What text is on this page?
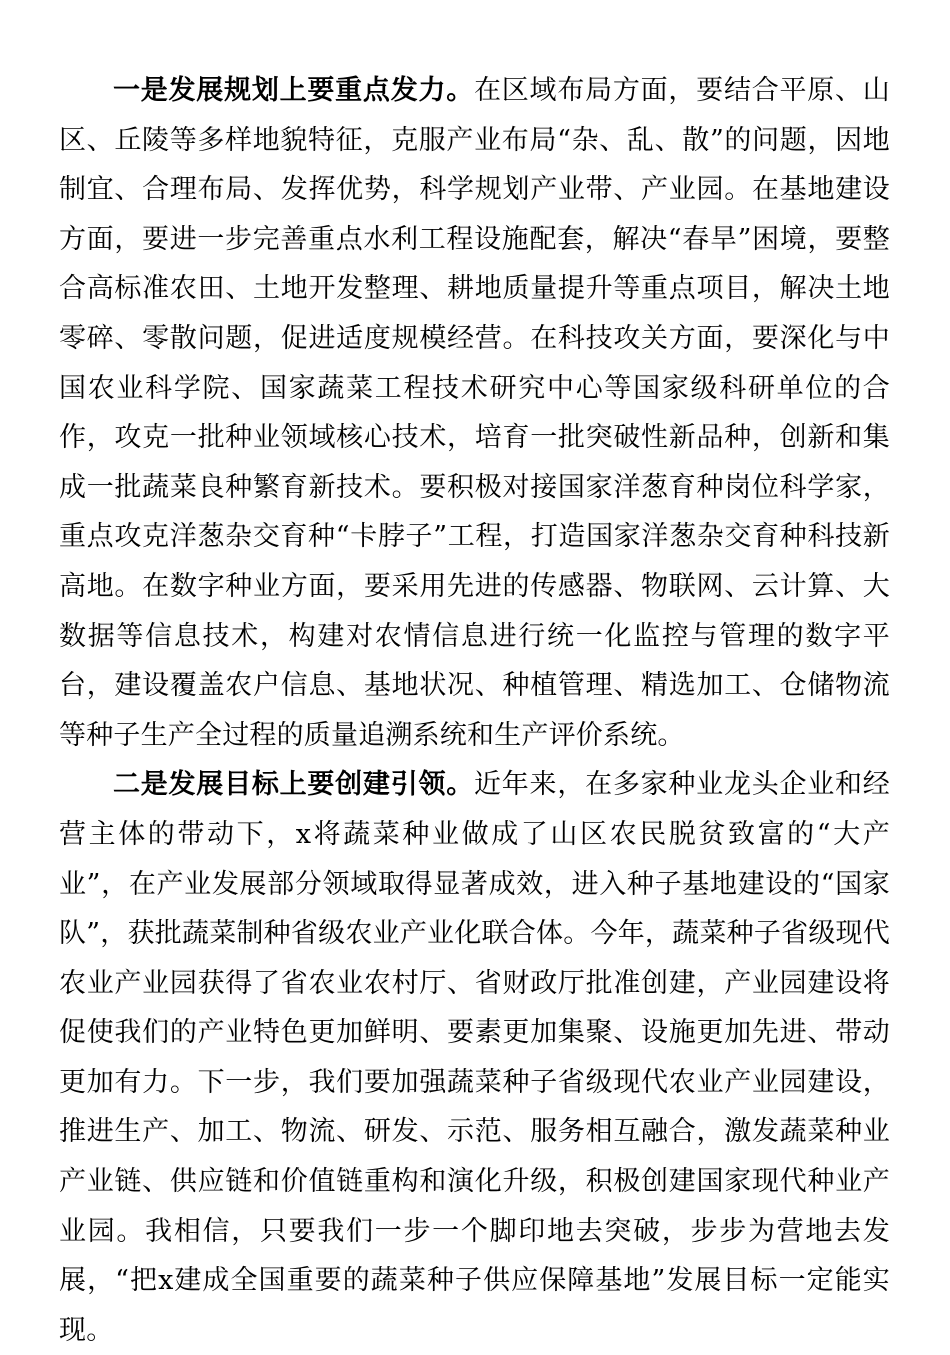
一是发展规划上要重点发力。在区域布局方面，要结合平原、山区、丘陵等多样地貌特征，克服产业布局“杂、乱、散”的问题，因地制宜、合理布局、发挥优势，科学规划产业带、产业园。在基地建设方面，要进一步完善重点水利工程设施配套，解决“春旱”困境，要整合高标准农田、土地开发整理、耕地质量提升等重点项目，解决土地零碎、零散问题，促进适度规模经营。在科技攻关方面，要深化与中国农业科学院、国家蔬菜工程技术研究中心等国家级科研单位的合作，攻克一批种业领域核心技术，培育一批突破性新品种，创新和集成一批蔬菜良种繁育新技术。要积极对接国家洋葱育种岗位科学家，重点攻克洋葱杂交育种“卡脖子”工程，打造国家洋葱杂交育种科技新高地。在数字种业方面，要采用先进的传感器、物联网、云计算、大数据等信息技术，构建对农情信息进行统一化监控与管理的数字平台，建设覆盖农户信息、基地状况、种植管理、精选加工、仓储物流等种子生产全过程的质量追溯系统和生产评价系统。

二是发展目标上要创建引领。近年来，在多家种业龙头企业和经营主体的带动下，x将蔬菜种业做成了山区农民脱贫致富的“大产业”，在产业发展部分领域取得显著成效，进入种子基地建设的“国家队”，获批蔬菜制种省级农业产业化联合体。今年，蔬菜种子省级现代农业产业园获得了省农业农村厅、省财政厅批准创建，产业园建设将促使我们的产业特色更加鲜明、要素更加集聚、设施更加先进、带动更加有力。下一步，我们要加强蔬菜种子省级现代农业产业园建设，推进生产、加工、物流、研发、示范、服务相互融合，激发蔬菜种业产业链、供应链和价值链重构和演化升级，积极创建国家现代种业产业园。我相信，只要我们一步一个脚印地去突破，步步为营地去发展，“把x建成全国重要的蔬菜种子供应保障基地”发展目标一定能实现。
